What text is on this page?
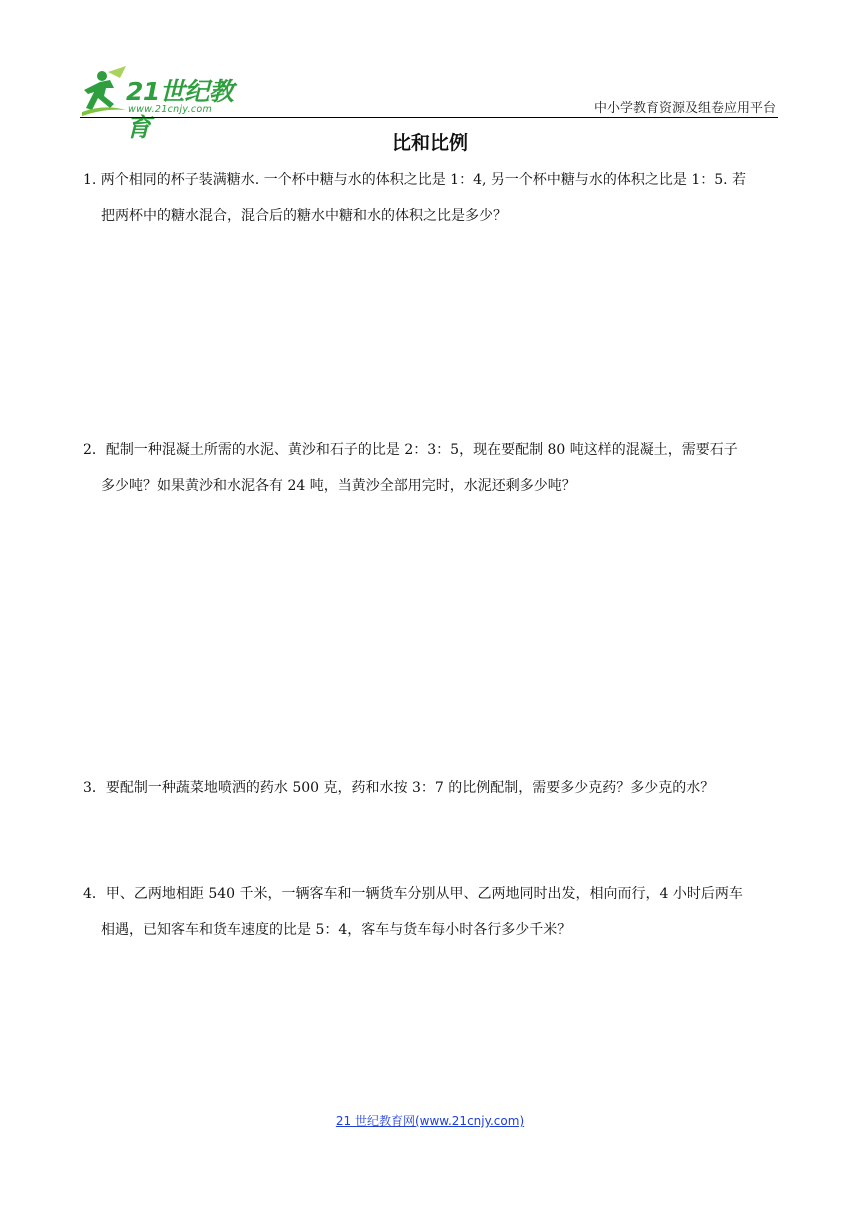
21世纪教育
www.21cnjy.com	中小学教育资源及组卷应用平台
比和比例
1. 两个相同的杯子装满糖水. 一个杯中糖与水的体积之比是 1：4, 另一个杯中糖与水的体积之比是 1：5. 若
把两杯中的糖水混合，混合后的糖水中糖和水的体积之比是多少？
2．配制一种混凝土所需的水泥、黄沙和石子的比是 2：3：5，现在要配制 80 吨这样的混凝土，需要石子
多少吨？如果黄沙和水泥各有 24 吨，当黄沙全部用完时，水泥还剩多少吨？
3．要配制一种蔬菜地喷洒的药水 500 克，药和水按 3：7 的比例配制，需要多少克药？多少克的水？
4．甲、乙两地相距 540 千米，一辆客车和一辆货车分别从甲、乙两地同时出发，相向而行，4 小时后两车
相遇，已知客车和货车速度的比是 5：4，客车与货车每小时各行多少千米？
21 世纪教育网(www.21cnjy.com)
